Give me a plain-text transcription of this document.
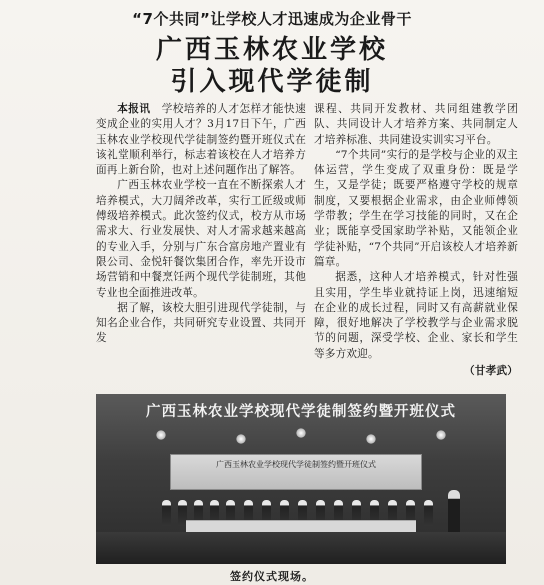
“7个共同”让学校人才迅速成为企业骨干
广西玉林农业学校
引入现代学徒制

本报讯　 学校培养的人才怎样才能快速变成企业的实用人才？3月17日下午，广西玉林农业学校现代学徒制签约暨开班仪式在该礼堂顺利举行，标志着该校在人才培养方面再上新台阶，也对上述问题作出了解答。

广西玉林农业学校一直在不断探索人才培养模式，大刀阔斧改革，实行工匠级或师傅级培养模式。此次签约仪式，校方从市场需求大、行业发展快、对人才需求越来越高的专业入手，分别与广东合富房地产置业有限公司、金悦轩餐饮集团合作，率先开设市场营销和中餐烹饪两个现代学徒制班，其他专业也全面推进改革。

据了解，该校大胆引进现代学徒制，与知名企业合作，共同研究专业设置、共同开发

课程、共同开发教材、共同组建教学团队、共同设计人才培养方案、共同制定人才培养标准、共同建设实训实习平台。

“7个共同”实行的是学校与企业的双主体运营，学生变成了双重身份：既是学生，又是学徒；既要严格遵守学校的规章制度，又要根据企业需求，由企业师傅领学带教；学生在学习技能的同时，又在企业；既能享受国家助学补贴，又能领企业学徒补贴，“7个共同”开启该校人才培养新篇章。

据悉，这种人才培养模式，针对性强且实用，学生毕业就持证上岗，迅速缩短在企业的成长过程，同时又有高薪就业保障，很好地解决了学校教学与企业需求脱节的问题，深受学校、企业、家长和学生等多方欢迎。

（甘孝武）
广西玉林农业学校现代学徒制签约暨开班仪式
广西玉林农业学校现代学徒制签约暨开班仪式
签约仪式现场。
